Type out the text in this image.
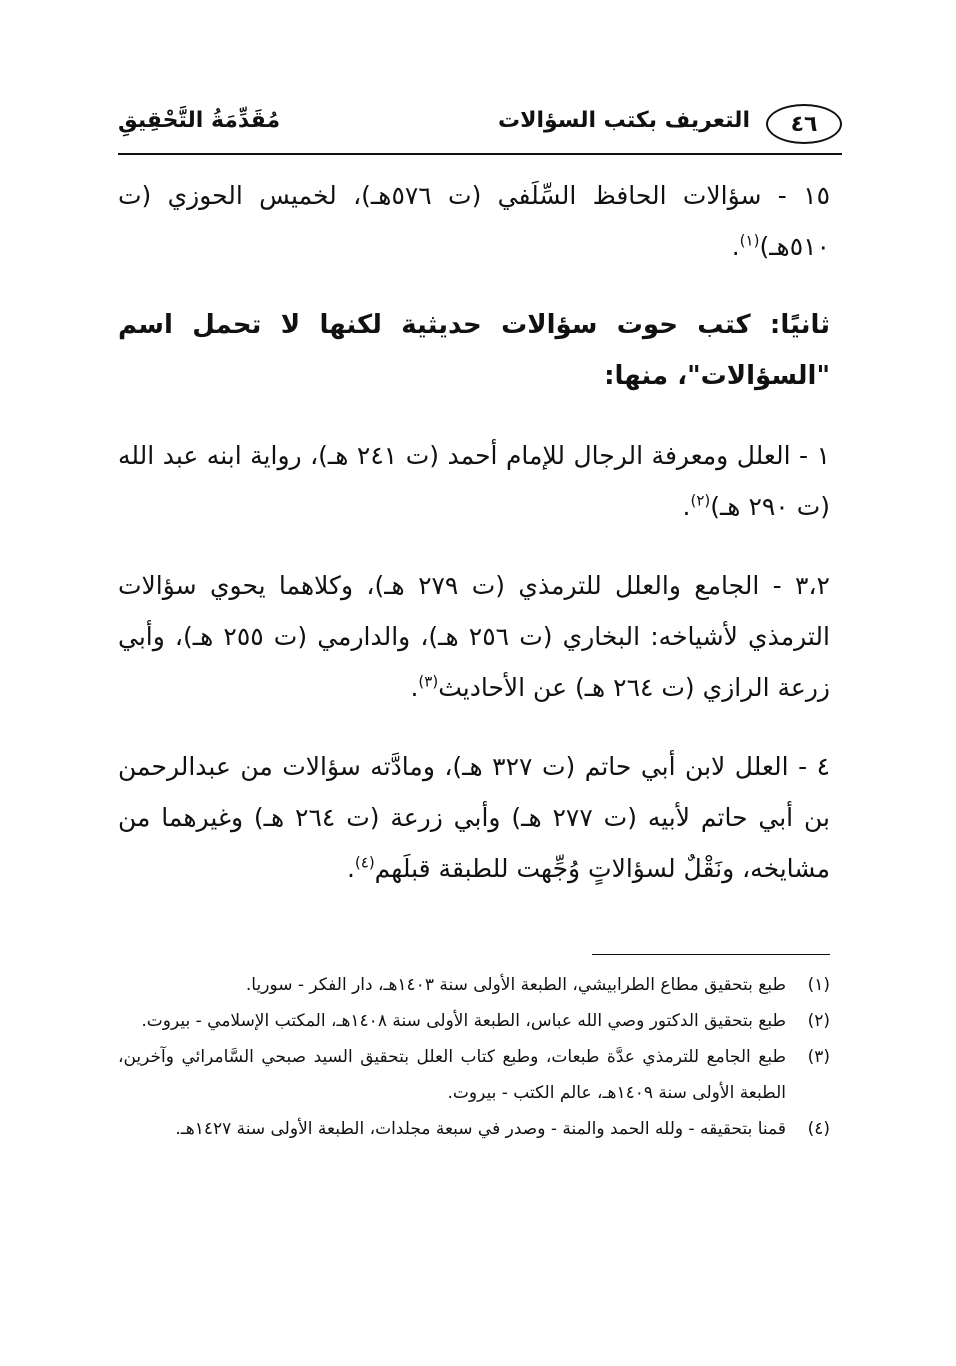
٤٦
التعريف بكتب السؤالات
مُقَدِّمَةُ التَّحْقِيقِ

١٥ - سؤالات الحافظ السِّلَفي (ت ٥٧٦هـ)، لخميس الحوزي (ت ٥١٠هـ)$^{(١)}$.

ثانيًا: كتب حوت سؤالات حديثية لكنها لا تحمل اسم "السؤالات"، منها:

١ - العلل ومعرفة الرجال للإمام أحمد (ت ٢٤١ هـ)، رواية ابنه عبد الله (ت ٢٩٠ هـ)$^{(٢)}$.

٣،٢ - الجامع والعلل للترمذي (ت ٢٧٩ هـ)، وكلاهما يحوي سؤالات الترمذي لأشياخه: البخاري (ت ٢٥٦ هـ)، والدارمي (ت ٢٥٥ هـ)، وأبي زرعة الرازي (ت ٢٦٤ هـ) عن الأحاديث$^{(٣)}$.

٤ - العلل لابن أبي حاتم (ت ٣٢٧ هـ)، ومادَّته سؤالات من عبدالرحمن بن أبي حاتم لأبيه (ت ٢٧٧ هـ) وأبي زرعة (ت ٢٦٤ هـ) وغيرهما من مشايخه، ونَقْلٌ لسؤالاتٍ وُجِّهت للطبقة قبلَهم$^{(٤)}$.

(١)
طبع بتحقيق مطاع الطرابيشي، الطبعة الأولى سنة ١٤٠٣هـ، دار الفكر - سوريا.
(٢)
طبع بتحقيق الدكتور وصي الله عباس، الطبعة الأولى سنة ١٤٠٨هـ، المكتب الإسلامي - بيروت.
(٣)
طبع الجامع للترمذي عدَّة طبعات، وطبع كتاب العلل بتحقيق السيد صبحي السَّامرائي وآخرين، الطبعة الأولى سنة ١٤٠٩هـ، عالم الكتب - بيروت.
(٤)
قمنا بتحقيقه - ولله الحمد والمنة - وصدر في سبعة مجلدات، الطبعة الأولى سنة ١٤٢٧هـ.
